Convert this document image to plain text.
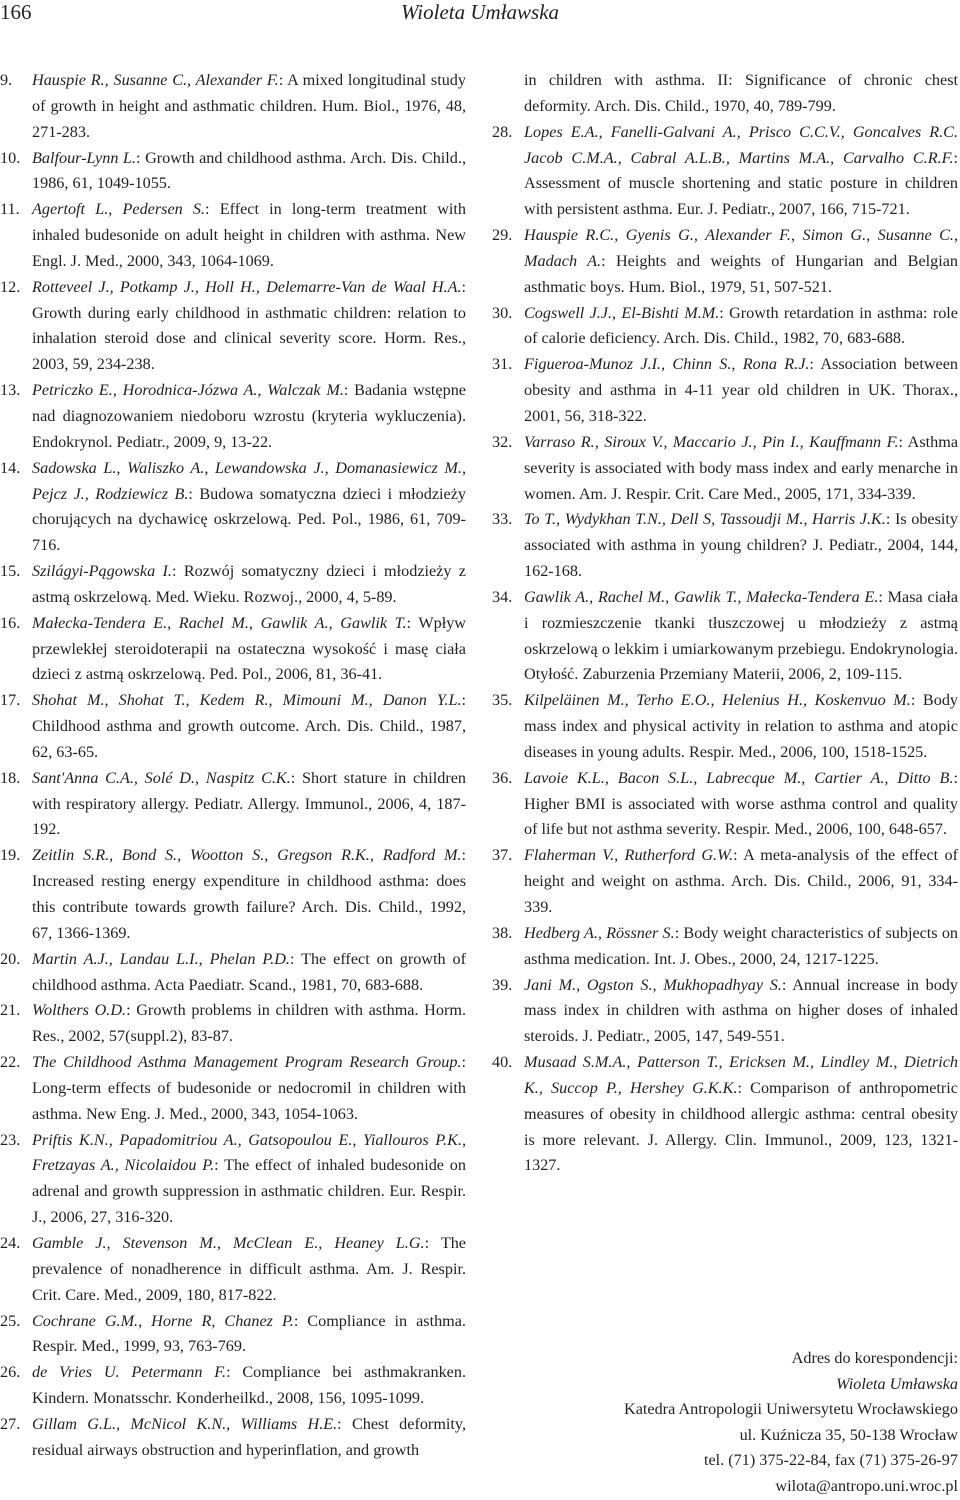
166	Wioleta Umławska
9. Hauspie R., Susanne C., Alexander F.: A mixed longitudinal study of growth in height and asthmatic children. Hum. Biol., 1976, 48, 271-283.
10. Balfour-Lynn L.: Growth and childhood asthma. Arch. Dis. Child., 1986, 61, 1049-1055.
11. Agertoft L., Pedersen S.: Effect in long-term treatment with inhaled budesonide on adult height in children with asthma. New Engl. J. Med., 2000, 343, 1064-1069.
12. Rotteveel J., Potkamp J., Holl H., Delemarre-Van de Waal H.A.: Growth during early childhood in asthmatic children: relation to inhalation steroid dose and clinical severity score. Horm. Res., 2003, 59, 234-238.
13. Petriczko E., Horodnica-Józwa A., Walczak M.: Badania wstępne nad diagnozowaniem niedoboru wzrostu (kryteria wykluczenia). Endokrynol. Pediatr., 2009, 9, 13-22.
14. Sadowska L., Waliszko A., Lewandowska J., Domanasiewicz M., Pejcz J., Rodziewicz B.: Budowa somatyczna dzieci i młodzieży chorujących na dychawicę oskrzelową. Ped. Pol., 1986, 61, 709-716.
15. Szilágyi-Pągowska I.: Rozwój somatyczny dzieci i młodzieży z astmą oskrzelową. Med. Wieku. Rozwoj., 2000, 4, 5-89.
16. Małecka-Tendera E., Rachel M., Gawlik A., Gawlik T.: Wpływ przewlekłej steroidoterapii na ostateczna wysokość i masę ciała dzieci z astmą oskrzelową. Ped. Pol., 2006, 81, 36-41.
17. Shohat M., Shohat T., Kedem R., Mimouni M., Danon Y.L.: Childhood asthma and growth outcome. Arch. Dis. Child., 1987, 62, 63-65.
18. Sant'Anna C.A., Solé D., Naspitz C.K.: Short stature in children with respiratory allergy. Pediatr. Allergy. Immunol., 2006, 4, 187-192.
19. Zeitlin S.R., Bond S., Wootton S., Gregson R.K., Radford M.: Increased resting energy expenditure in childhood asthma: does this contribute towards growth failure? Arch. Dis. Child., 1992, 67, 1366-1369.
20. Martin A.J., Landau L.I., Phelan P.D.: The effect on growth of childhood asthma. Acta Paediatr. Scand., 1981, 70, 683-688.
21. Wolthers O.D.: Growth problems in children with asthma. Horm. Res., 2002, 57(suppl.2), 83-87.
22. The Childhood Asthma Management Program Research Group.: Long-term effects of budesonide or nedocromil in children with asthma. New Eng. J. Med., 2000, 343, 1054-1063.
23. Priftis K.N., Papadomitriou A., Gatsopoulou E., Yiallouros P.K., Fretzayas A., Nicolaidou P.: The effect of inhaled budesonide on adrenal and growth suppression in asthmatic children. Eur. Respir. J., 2006, 27, 316-320.
24. Gamble J., Stevenson M., McClean E., Heaney L.G.: The prevalence of nonadherence in difficult asthma. Am. J. Respir. Crit. Care. Med., 2009, 180, 817-822.
25. Cochrane G.M., Horne R, Chanez P.: Compliance in asthma. Respir. Med., 1999, 93, 763-769.
26. de Vries U. Petermann F.: Compliance bei asthmakranken. Kindern. Monatsschr. Konderheilkd., 2008, 156, 1095-1099.
27. Gillam G.L., McNicol K.N., Williams H.E.: Chest deformity, residual airways obstruction and hyperinflation, and growth
in children with asthma. II: Significance of chronic chest deformity. Arch. Dis. Child., 1970, 40, 789-799.
28. Lopes E.A., Fanelli-Galvani A., Prisco C.C.V., Goncalves R.C. Jacob C.M.A., Cabral A.L.B., Martins M.A., Carvalho C.R.F.: Assessment of muscle shortening and static posture in children with persistent asthma. Eur. J. Pediatr., 2007, 166, 715-721.
29. Hauspie R.C., Gyenis G., Alexander F., Simon G., Susanne C., Madach A.: Heights and weights of Hungarian and Belgian asthmatic boys. Hum. Biol., 1979, 51, 507-521.
30. Cogswell J.J., El-Bishti M.M.: Growth retardation in asthma: role of calorie deficiency. Arch. Dis. Child., 1982, 70, 683-688.
31. Figueroa-Munoz J.I., Chinn S., Rona R.J.: Association between obesity and asthma in 4-11 year old children in UK. Thorax., 2001, 56, 318-322.
32. Varraso R., Siroux V., Maccario J., Pin I., Kauffmann F.: Asthma severity is associated with body mass index and early menarche in women. Am. J. Respir. Crit. Care Med., 2005, 171, 334-339.
33. To T., Wydykhan T.N., Dell S, Tassoudji M., Harris J.K.: Is obesity associated with asthma in young children? J. Pediatr., 2004, 144, 162-168.
34. Gawlik A., Rachel M., Gawlik T., Małecka-Tendera E.: Masa ciała i rozmieszczenie tkanki tłuszczowej u młodzieży z astmą oskrzelową o lekkim i umiarkowanym przebiegu. Endokrynologia. Otyłość. Zaburzenia Przemiany Materii, 2006, 2, 109-115.
35. Kilpeläinen M., Terho E.O., Helenius H., Koskenvuo M.: Body mass index and physical activity in relation to asthma and atopic diseases in young adults. Respir. Med., 2006, 100, 1518-1525.
36. Lavoie K.L., Bacon S.L., Labrecque M., Cartier A., Ditto B.: Higher BMI is associated with worse asthma control and quality of life but not asthma severity. Respir. Med., 2006, 100, 648-657.
37. Flaherman V., Rutherford G.W.: A meta-analysis of the effect of height and weight on asthma. Arch. Dis. Child., 2006, 91, 334-339.
38. Hedberg A., Rössner S.: Body weight characteristics of subjects on asthma medication. Int. J. Obes., 2000, 24, 1217-1225.
39. Jani M., Ogston S., Mukhopadhyay S.: Annual increase in body mass index in children with asthma on higher doses of inhaled steroids. J. Pediatr., 2005, 147, 549-551.
40. Musaad S.M.A., Patterson T., Ericksen M., Lindley M., Dietrich K., Succop P., Hershey G.K.K.: Comparison of anthropometric measures of obesity in childhood allergic asthma: central obesity is more relevant. J. Allergy. Clin. Immunol., 2009, 123, 1321-1327.
Adres do korespondencji:
Wioleta Umławska
Katedra Antropologii Uniwersytetu Wrocławskiego
ul. Kuźnicza 35, 50-138 Wrocław
tel. (71) 375-22-84, fax (71) 375-26-97
wilota@antropo.uni.wroc.pl
